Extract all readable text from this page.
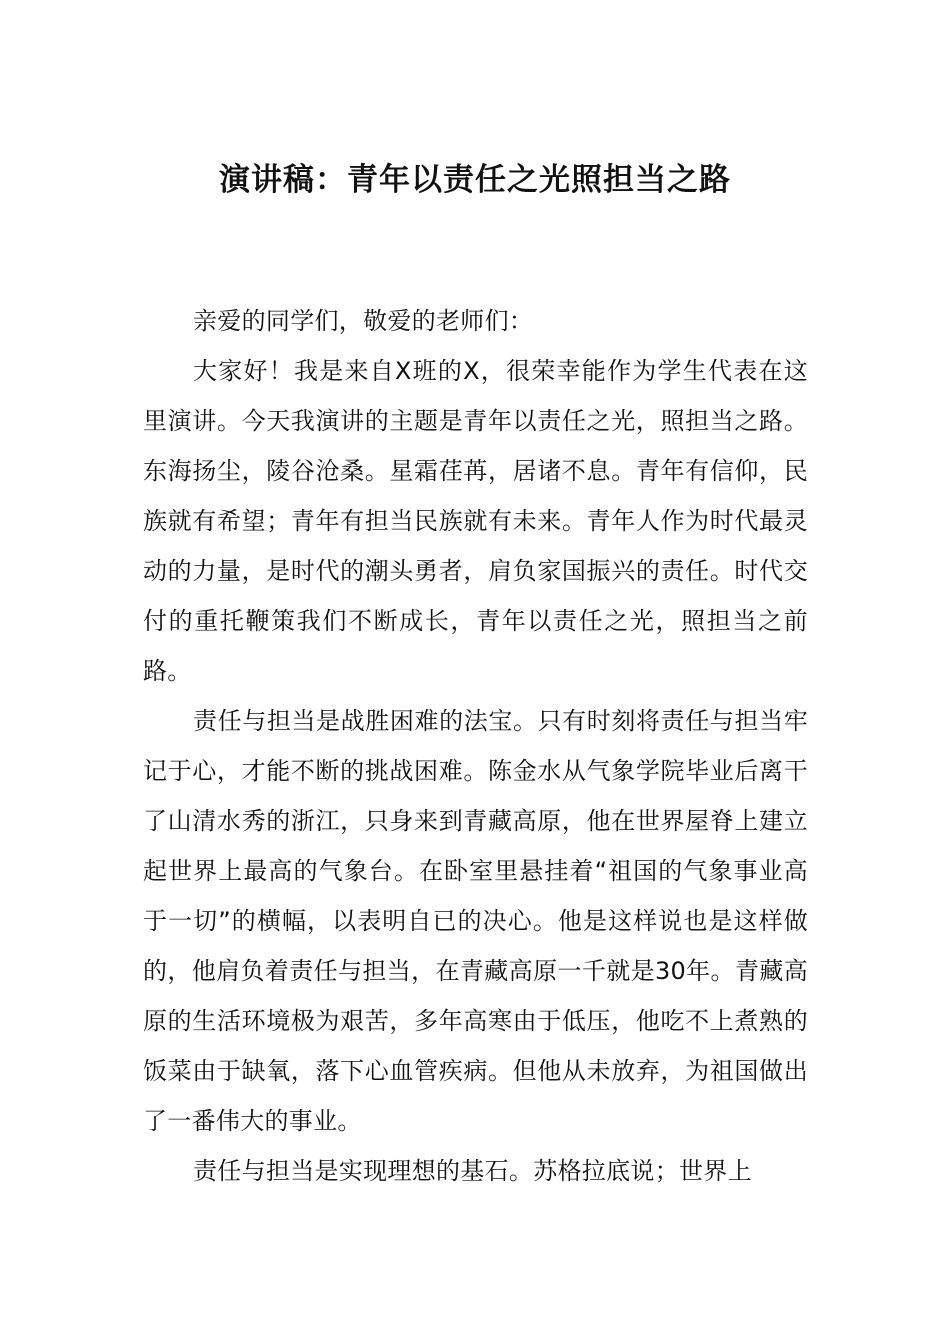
演讲稿：青年以责任之光照担当之路

亲爱的同学们，敬爱的老师们：

大家好！我是来自X班的X，很荣幸能作为学生代表在这里演讲。今天我演讲的主题是青年以责任之光，照担当之路。东海扬尘，陵谷沧桑。星霜荏苒，居诸不息。青年有信仰，民族就有希望；青年有担当民族就有未来。青年人作为时代最灵动的力量，是时代的潮头勇者，肩负家国振兴的责任。时代交付的重托鞭策我们不断成长，青年以责任之光，照担当之前路。

责任与担当是战胜困难的法宝。只有时刻将责任与担当牢记于心，才能不断的挑战困难。陈金水从气象学院毕业后离干了山清水秀的浙江，只身来到青藏高原，他在世界屋脊上建立起世界上最高的气象台。在卧室里悬挂着“祖国的气象事业高于一切”的横幅，以表明自已的决心。他是这样说也是这样做的，他肩负着责任与担当，在青藏高原一千就是30年。青藏高原的生活环境极为艰苦，多年高寒由于低压，他吃不上煮熟的饭菜由于缺氧，落下心血管疾病。但他从未放弃，为祖国做出了一番伟大的事业。

责任与担当是实现理想的基石。苏格拉底说；世界上
